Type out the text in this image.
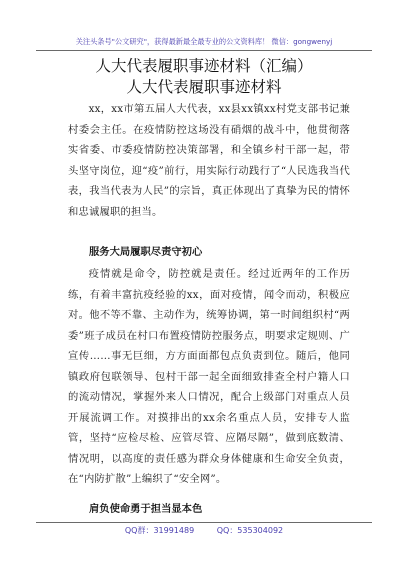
关注头条号"公文研究"，获得最新最全最专业的公文资料库！ 微信：gongwenyj
人大代表履职事迹材料（汇编）
人大代表履职事迹材料
xx，xx市第五届人大代表，xx县xx镇xx村党支部书记兼村委会主任。在疫情防控这场没有硝烟的战斗中，他贯彻落实省委、市委疫情防控决策部署，和全镇乡村干部一起，带头坚守岗位，迎“疫”前行，用实际行动践行了“人民选我当代表，我当代表为人民”的宗旨，真正体现出了真挚为民的情怀和忠诚履职的担当。
服务大局履职尽责守初心
疫情就是命令，防控就是责任。经过近两年的工作历练，有着丰富抗疫经验的xx，面对疫情，闻令而动，积极应对。他不等不靠、主动作为，统筹协调，第一时间组织村“两委”班子成员在村口布置疫情防控服务点，明要求定规则、广宣传……事无巨细，方方面面都包点负责到位。随后，他同镇政府包联领导、包村干部一起全面细致排查全村户籍人口的流动情况，掌握外来人口情况，配合上级部门对重点人员开展流调工作。对摸排出的xx余名重点人员，安排专人监管，坚持“应检尽检、应管尽管、应隔尽隔”，做到底数清、情况明，以高度的责任感为群众身体健康和生命安全负责，在“内防扩散”上编织了“安全网”。
肩负使命勇于担当显本色
QQ群：31991489	QQ：535304092
